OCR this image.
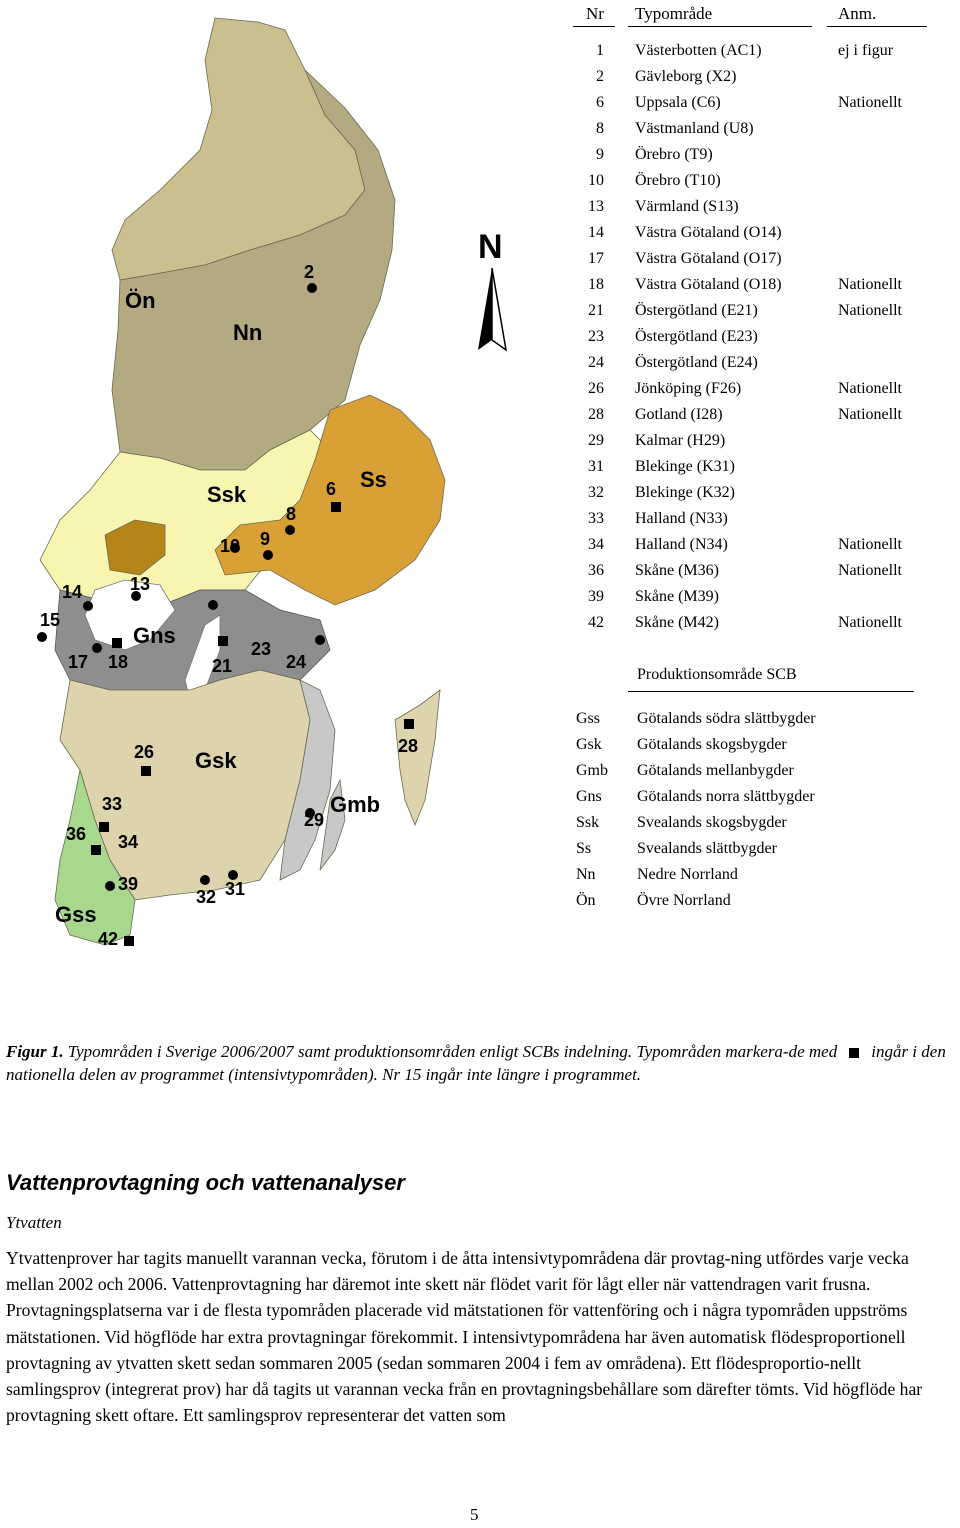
N
Ön
Nn
Ssk
Ss
Gns
Gsk
Gmb
Gss
2
6
8
9
10
13
14
15
17 18	21
23
24
26	28
29
31
32
33
34
36
39
42
Nr Typområde	Anm.
1 Västerbotten (AC1)	ej i figur
2 Gävleborg (X2)
6 Uppsala (C6)	Nationellt
8 Västmanland (U8)
9 Örebro (T9)
10 Örebro (T10)
13 Värmland (S13)
14 Västra Götaland (O14)
17 Västra Götaland (O17)
18 Västra Götaland (O18)	Nationellt
21 Östergötland (E21)	Nationellt
23 Östergötland (E23)
24 Östergötland (E24)
26 Jönköping (F26)	Nationellt
28 Gotland (I28)	Nationellt
29 Kalmar (H29)
31 Blekinge (K31)
32 Blekinge (K32)
33 Halland (N33)
34 Halland (N34)	Nationellt
36 Skåne (M36)	Nationellt
39 Skåne (M39)
42 Skåne (M42)	Nationellt
Produktionsområde SCB
Gss Götalands södra slättbygder
Gsk Götalands skogsbygder
Gmb Götalands mellanbygder
Gns Götalands norra slättbygder
Ssk Svealands skogsbygder
Ss	Svealands slättbygder
Nn	Nedre Norrland
Ön	Övre Norrland
Figur 1. Typområden i Sverige 2006/2007 samt produktionsområden enligt SCBs indelning. Typområden markera-de med ingår i den nationella delen av programmet (intensivtypområden). Nr 15 ingår inte längre i programmet.
Vattenprovtagning och vattenanalyser
Ytvatten
Ytvattenprover har tagits manuellt varannan vecka, förutom i de åtta intensivtypområdena där provtag-ning utfördes varje vecka mellan 2002 och 2006. Vattenprovtagning har däremot inte skett när flödet varit för lågt eller när vattendragen varit frusna. Provtagningsplatserna var i de flesta typområden placerade vid mätstationen för vattenföring och i några typområden uppströms mätstationen. Vid högflöde har extra provtagningar förekommit. I intensivtypområdena har även automatisk flödesproportionell provtagning av ytvatten skett sedan sommaren 2005 (sedan sommaren 2004 i fem av områdena). Ett flödesproportio-nellt samlingsprov (integrerat prov) har då tagits ut varannan vecka från en provtagningsbehållare som därefter tömts. Vid högflöde har provtagning skett oftare. Ett samlingsprov representerar det vatten som
5
